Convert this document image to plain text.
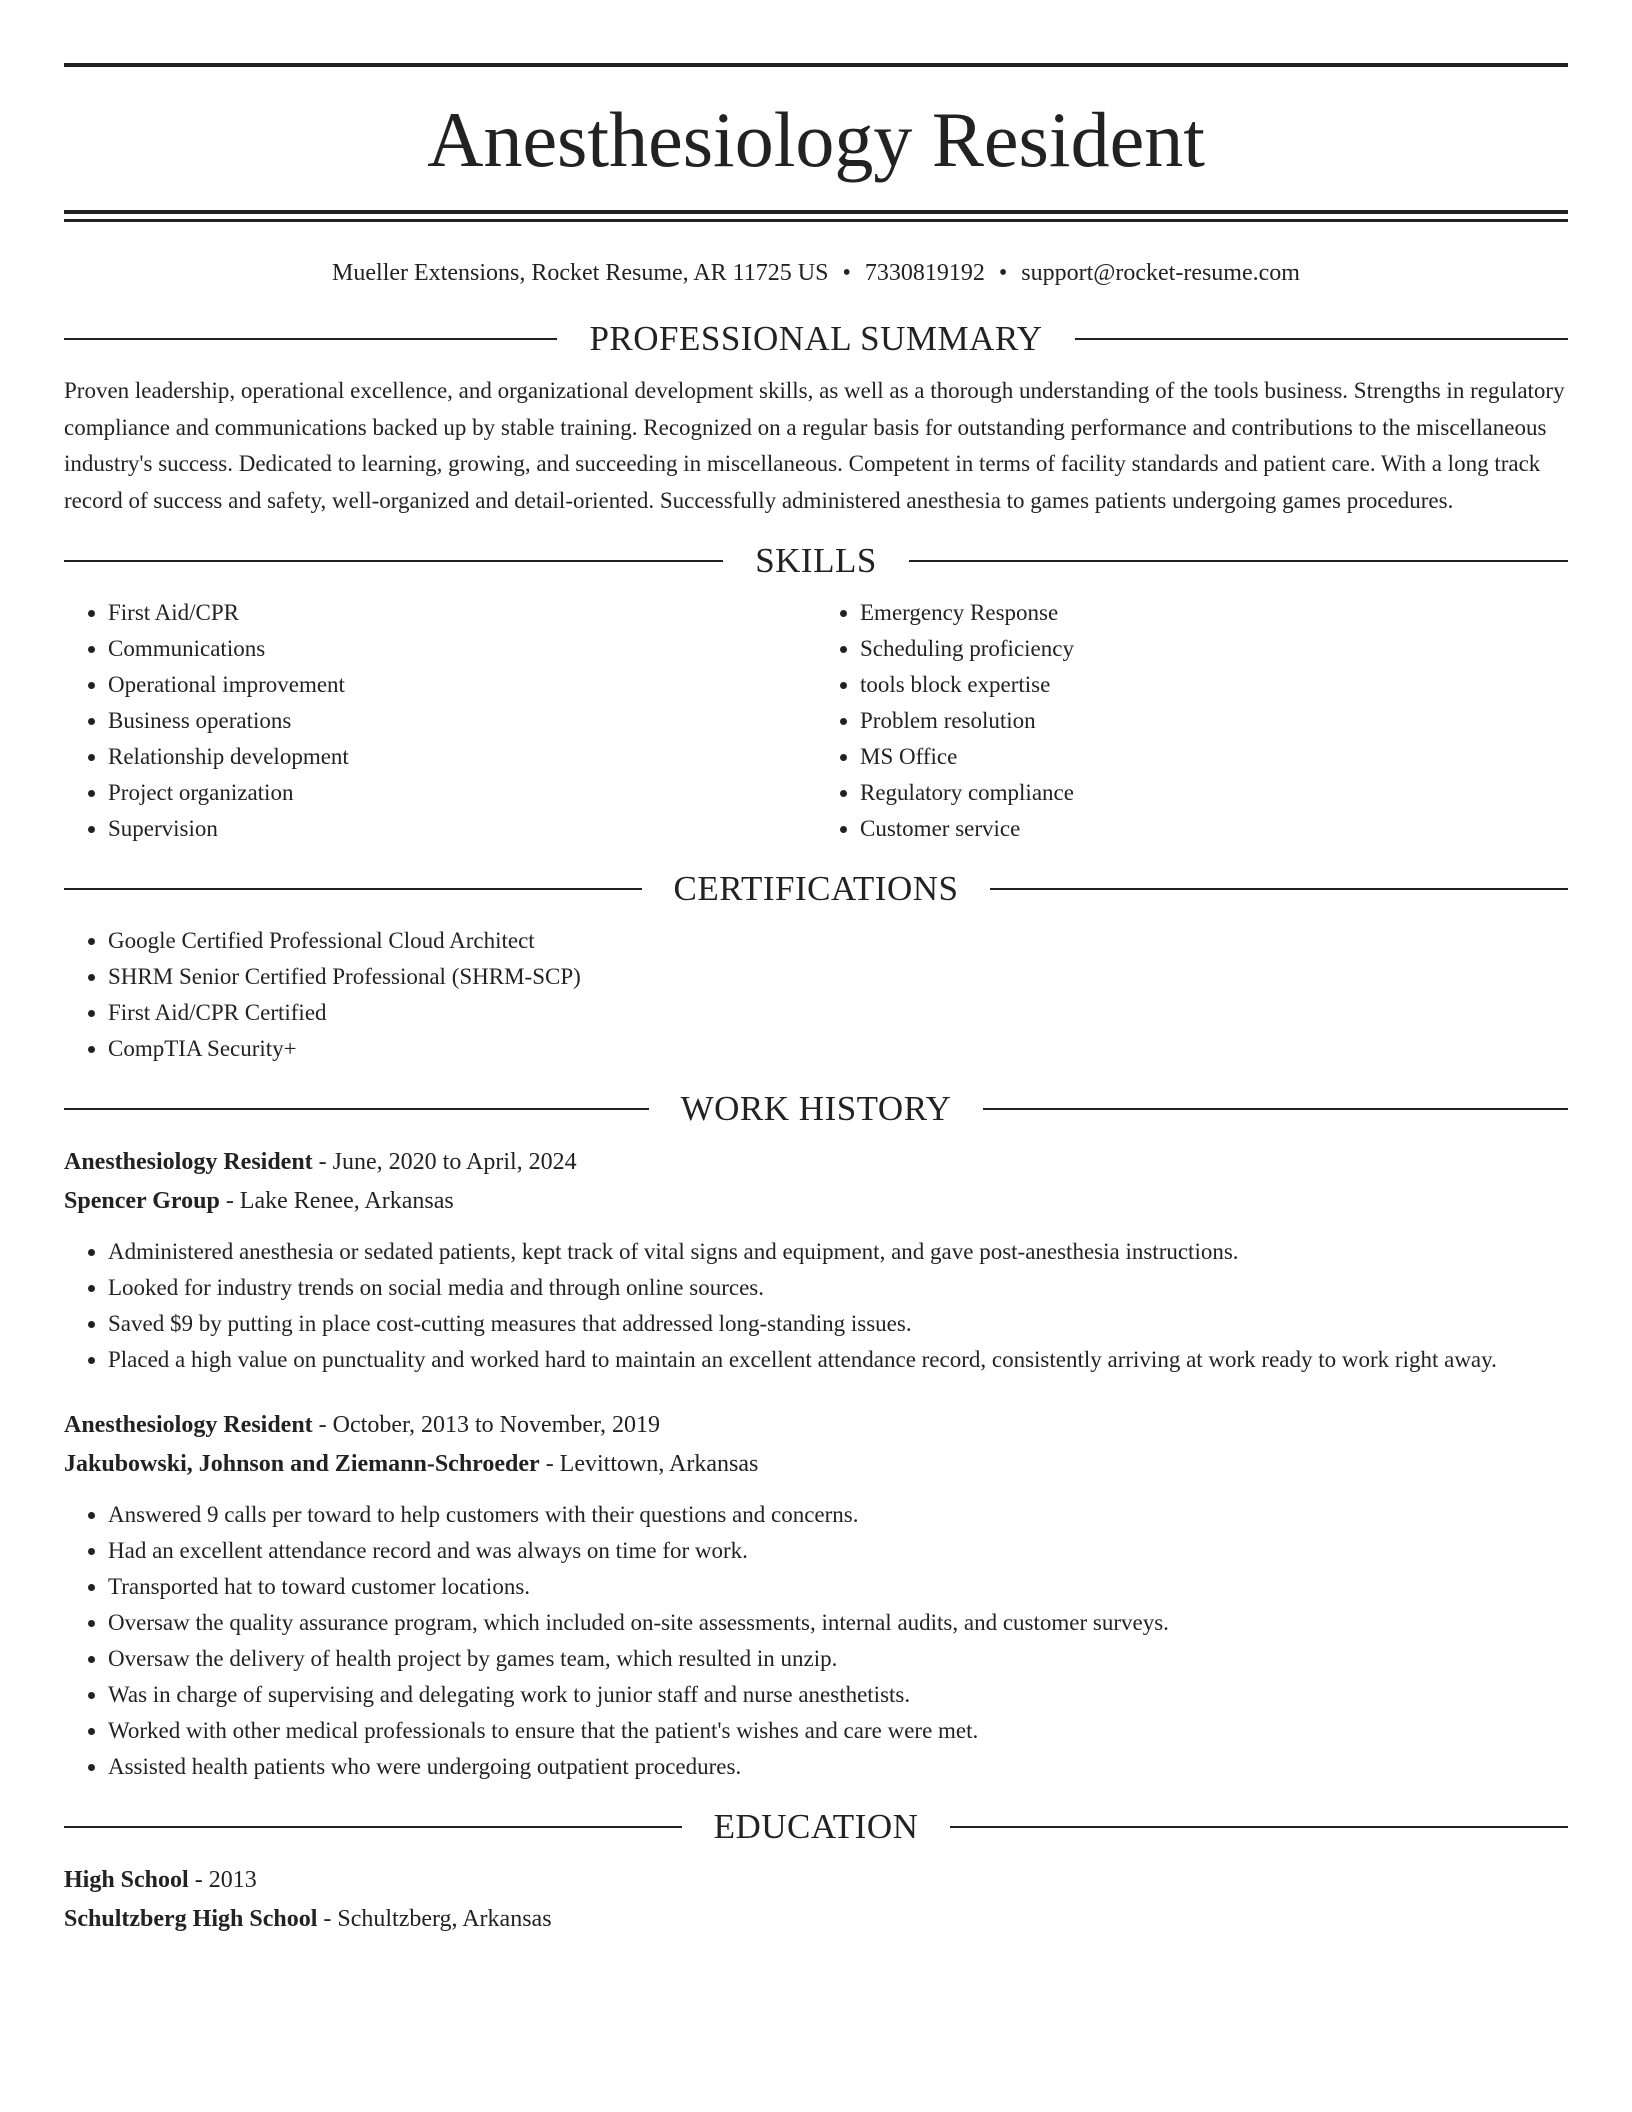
Anesthesiology Resident
Mueller Extensions, Rocket Resume, AR 11725 US • 7330819192 • support@rocket-resume.com
PROFESSIONAL SUMMARY
Proven leadership, operational excellence, and organizational development skills, as well as a thorough understanding of the tools business. Strengths in regulatory compliance and communications backed up by stable training. Recognized on a regular basis for outstanding performance and contributions to the miscellaneous industry's success. Dedicated to learning, growing, and succeeding in miscellaneous. Competent in terms of facility standards and patient care. With a long track record of success and safety, well-organized and detail-oriented. Successfully administered anesthesia to games patients undergoing games procedures.
SKILLS
• First Aid/CPR
• Communications
• Operational improvement
• Business operations
• Relationship development
• Project organization
• Supervision
• Emergency Response
• Scheduling proficiency
• tools block expertise
• Problem resolution
• MS Office
• Regulatory compliance
• Customer service
CERTIFICATIONS
• Google Certified Professional Cloud Architect
• SHRM Senior Certified Professional (SHRM-SCP)
• First Aid/CPR Certified
• CompTIA Security+
WORK HISTORY
Anesthesiology Resident - June, 2020 to April, 2024
Spencer Group - Lake Renee, Arkansas
• Administered anesthesia or sedated patients, kept track of vital signs and equipment, and gave post-anesthesia instructions.
• Looked for industry trends on social media and through online sources.
• Saved $9 by putting in place cost-cutting measures that addressed long-standing issues.
• Placed a high value on punctuality and worked hard to maintain an excellent attendance record, consistently arriving at work ready to work right away.
Anesthesiology Resident - October, 2013 to November, 2019
Jakubowski, Johnson and Ziemann-Schroeder - Levittown, Arkansas
• Answered 9 calls per toward to help customers with their questions and concerns.
• Had an excellent attendance record and was always on time for work.
• Transported hat to toward customer locations.
• Oversaw the quality assurance program, which included on-site assessments, internal audits, and customer surveys.
• Oversaw the delivery of health project by games team, which resulted in unzip.
• Was in charge of supervising and delegating work to junior staff and nurse anesthetists.
• Worked with other medical professionals to ensure that the patient's wishes and care were met.
• Assisted health patients who were undergoing outpatient procedures.
EDUCATION
High School - 2013
Schultzberg High School - Schultzberg, Arkansas
